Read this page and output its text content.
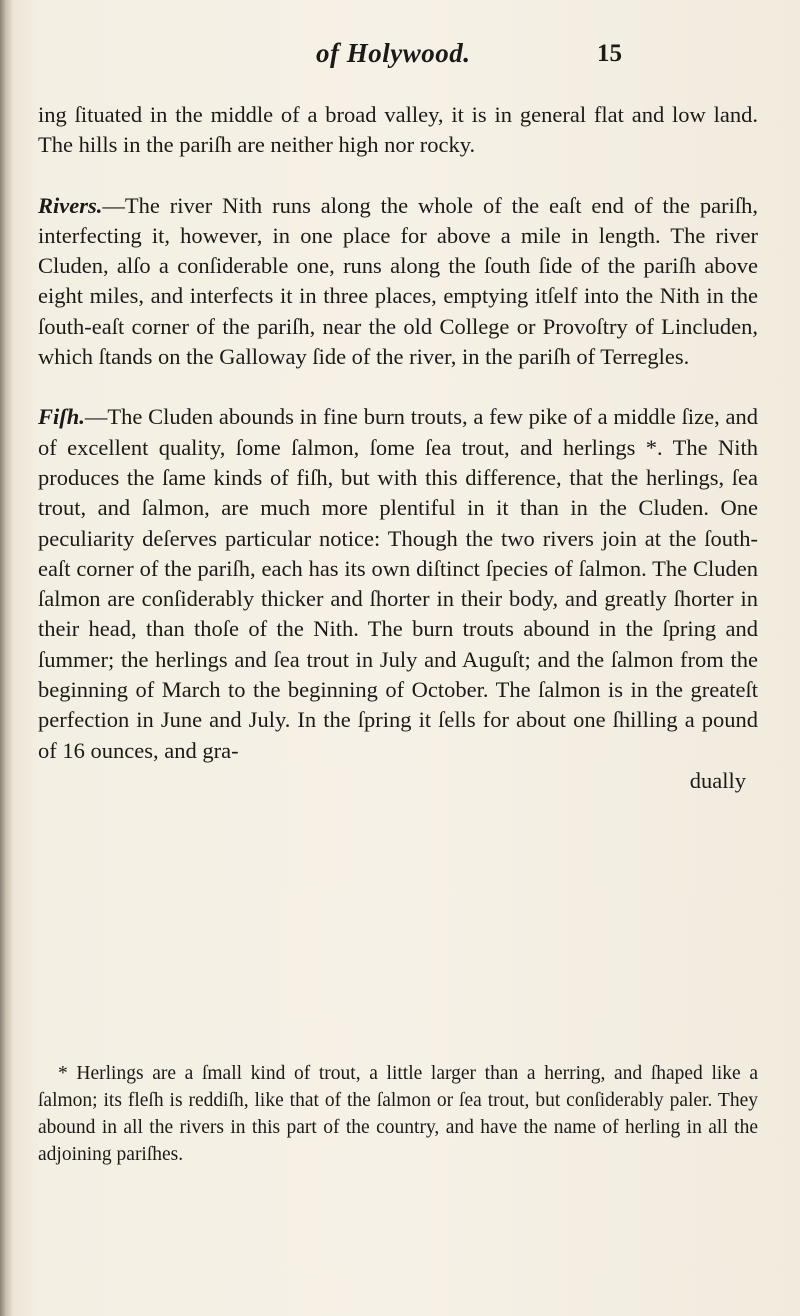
of Holywood.	15

ing ſituated in the middle of a broad valley, it is in general flat and low land. The hills in the pariſh are neither high nor rocky.

Rivers.—The river Nith runs along the whole of the eaſt end of the pariſh, interfecting it, however, in one place for above a mile in length. The river Cluden, alſo a conſiderable one, runs along the ſouth ſide of the pariſh above eight miles, and interfects it in three places, emptying itſelf into the Nith in the ſouth-eaſt corner of the pariſh, near the old College or Provoſtry of Lincluden, which ſtands on the Galloway ſide of the river, in the pariſh of Terregles.

Fiſh.—The Cluden abounds in fine burn trouts, a few pike of a middle ſize, and of excellent quality, ſome ſalmon, ſome ſea trout, and herlings *. The Nith produces the ſame kinds of fiſh, but with this difference, that the herlings, ſea trout, and ſalmon, are much more plentiful in it than in the Cluden. One peculiarity deſerves particular notice: Though the two rivers join at the ſouth-eaſt corner of the pariſh, each has its own diſtinct ſpecies of ſalmon. The Cluden ſalmon are conſiderably thicker and ſhorter in their body, and greatly ſhorter in their head, than thoſe of the Nith. The burn trouts abound in the ſpring and ſummer; the herlings and ſea trout in July and Auguſt; and the ſalmon from the beginning of March to the beginning of October. The ſalmon is in the greateſt perfection in June and July. In the ſpring it ſells for about one ſhilling a pound of 16 ounces, and gra-

dually
* Herlings are a ſmall kind of trout, a little larger than a herring, and ſhaped like a ſalmon; its fleſh is reddiſh, like that of the ſalmon or ſea trout, but conſiderably paler. They abound in all the rivers in this part of the country, and have the name of herling in all the adjoining pariſhes.
